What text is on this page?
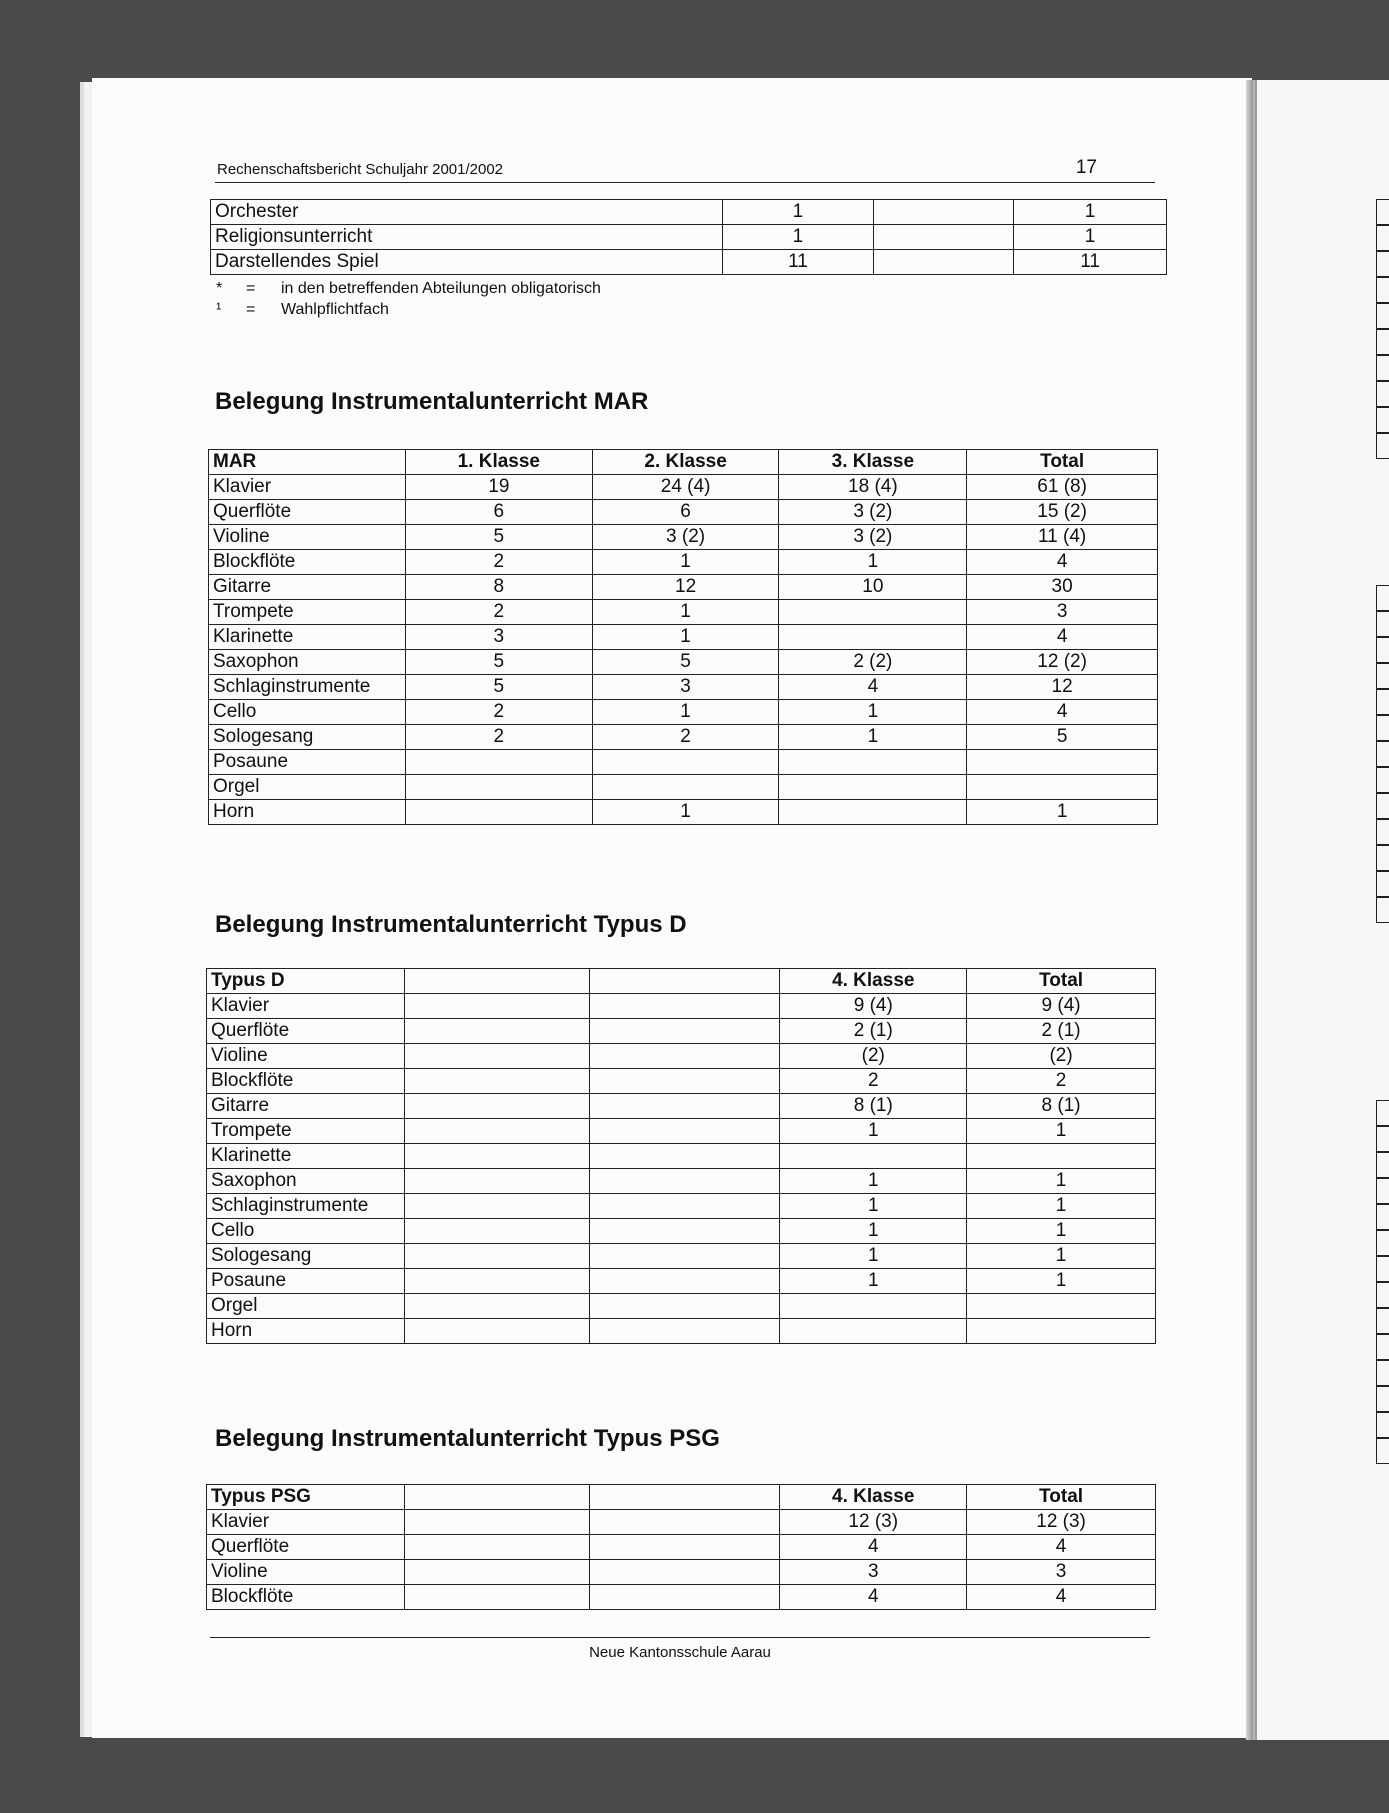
Rechenschaftsbericht Schuljahr 2001/2002	17
Orchester	1		1
Religionsunterricht	1		1
Darstellendes Spiel	11		11
*	=	in den betreffenden Abteilungen obligatorisch
¹	=	Wahlpflichtfach
Belegung Instrumentalunterricht MAR
MAR	1. Klasse	2. Klasse	3. Klasse	Total
Klavier	19	24 (4)	18 (4)	61 (8)
Querflöte	6	6	3 (2)	15 (2)
Violine	5	3 (2)	3 (2)	11 (4)
Blockflöte	2	1	1	4
Gitarre	8	12	10	30
Trompete	2	1		3
Klarinette	3	1		4
Saxophon	5	5	2 (2)	12 (2)
Schlaginstrumente	5	3	4	12
Cello	2	1	1	4
Sologesang	2	2	1	5
Posaune				
Orgel				
Horn		1		1
Belegung Instrumentalunterricht Typus D
Typus D			4. Klasse	Total
Klavier			9 (4)	9 (4)
Querflöte			2 (1)	2 (1)
Violine			(2)	(2)
Blockflöte			2	2
Gitarre			8 (1)	8 (1)
Trompete			1	1
Klarinette				
Saxophon			1	1
Schlaginstrumente			1	1
Cello			1	1
Sologesang			1	1
Posaune			1	1
Orgel				
Horn				
Belegung Instrumentalunterricht Typus PSG
Typus PSG			4. Klasse	Total
Klavier			12 (3)	12 (3)
Querflöte			4	4
Violine			3	3
Blockflöte			4	4
Neue Kantonsschule Aarau
